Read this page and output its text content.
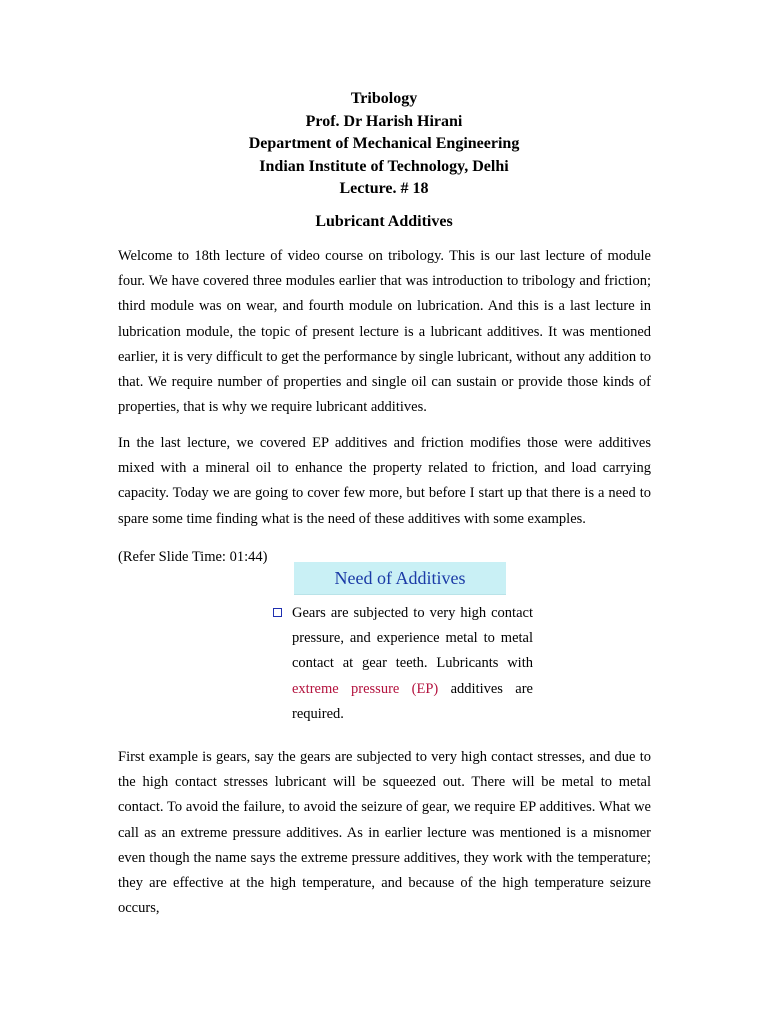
Tribology
Prof. Dr Harish Hirani
Department of Mechanical Engineering
Indian Institute of Technology, Delhi
Lecture. # 18
Lubricant Additives

Welcome to 18th lecture of video course on tribology. This is our last lecture of module four. We have covered three modules earlier that was introduction to tribology and friction; third module was on wear, and fourth module on lubrication. And this is a last lecture in lubrication module, the topic of present lecture is a lubricant additives. It was mentioned earlier, it is very difficult to get the performance by single lubricant, without any addition to that. We require number of properties and single oil can sustain or provide those kinds of properties, that is why we require lubricant additives.

In the last lecture, we covered EP additives and friction modifies those were additives mixed with a mineral oil to enhance the property related to friction, and load carrying capacity. Today we are going to cover few more, but before I start up that there is a need to spare some time finding what is the need of these additives with some examples.

(Refer Slide Time: 01:44)
Need of Additives

Gears are subjected to very high contact pressure, and experience metal to metal contact at gear teeth. Lubricants with extreme pressure (EP) additives are required.

First example is gears, say the gears are subjected to very high contact stresses, and due to the high contact stresses lubricant will be squeezed out. There will be metal to metal contact. To avoid the failure, to avoid the seizure of gear, we require EP additives. What we call as an extreme pressure additives. As in earlier lecture was mentioned is a misnomer even though the name says the extreme pressure additives, they work with the temperature; they are effective at the high temperature, and because of the high temperature seizure occurs,
